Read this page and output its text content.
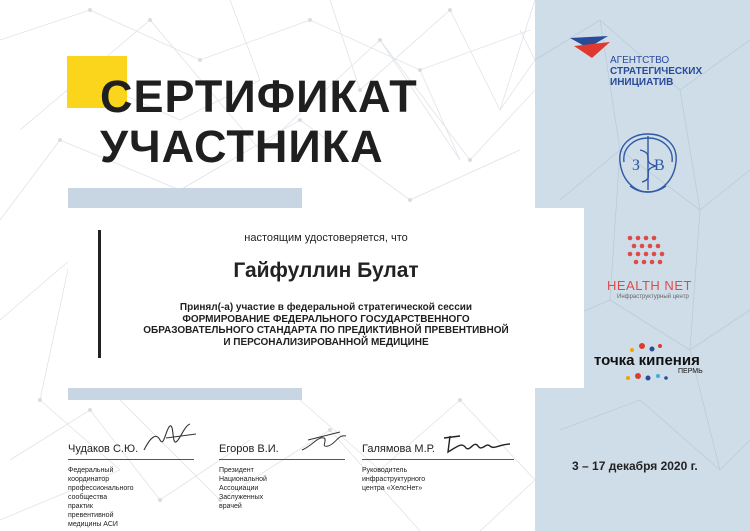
СЕРТИФИКАТ
УЧАСТНИКА
настоящим удостоверяется, что
Гайфуллин Булат
Принял(-а) участие в федеральной стратегической сессии
ФОРМИРОВАНИЕ ФЕДЕРАЛЬНОГО ГОСУДАРСТВЕННОГО
ОБРАЗОВАТЕЛЬНОГО СТАНДАРТА ПО ПРЕДИКТИВНОЙ ПРЕВЕНТИВНОЙ
И ПЕРСОНАЛИЗИРОВАННОЙ МЕДИЦИНЕ
Чудаков С.Ю.
Федеральный координатор
профессионального сообщества
практик превентивной медицины АСИ
Егоров В.И.
Президент Национальной
Ассоциации Заслуженных врачей
Галямова М.Р.
Руководитель инфраструктурного
центра «ХелсНет»
3 – 17 декабря 2020 г.
АГЕНТСТВО
СТРАТЕГИЧЕСКИХ
ИНИЦИАТИВ
З В
HEALTH NET
Инфраструктурный центр
точка кипения
ПЕРМЬ
